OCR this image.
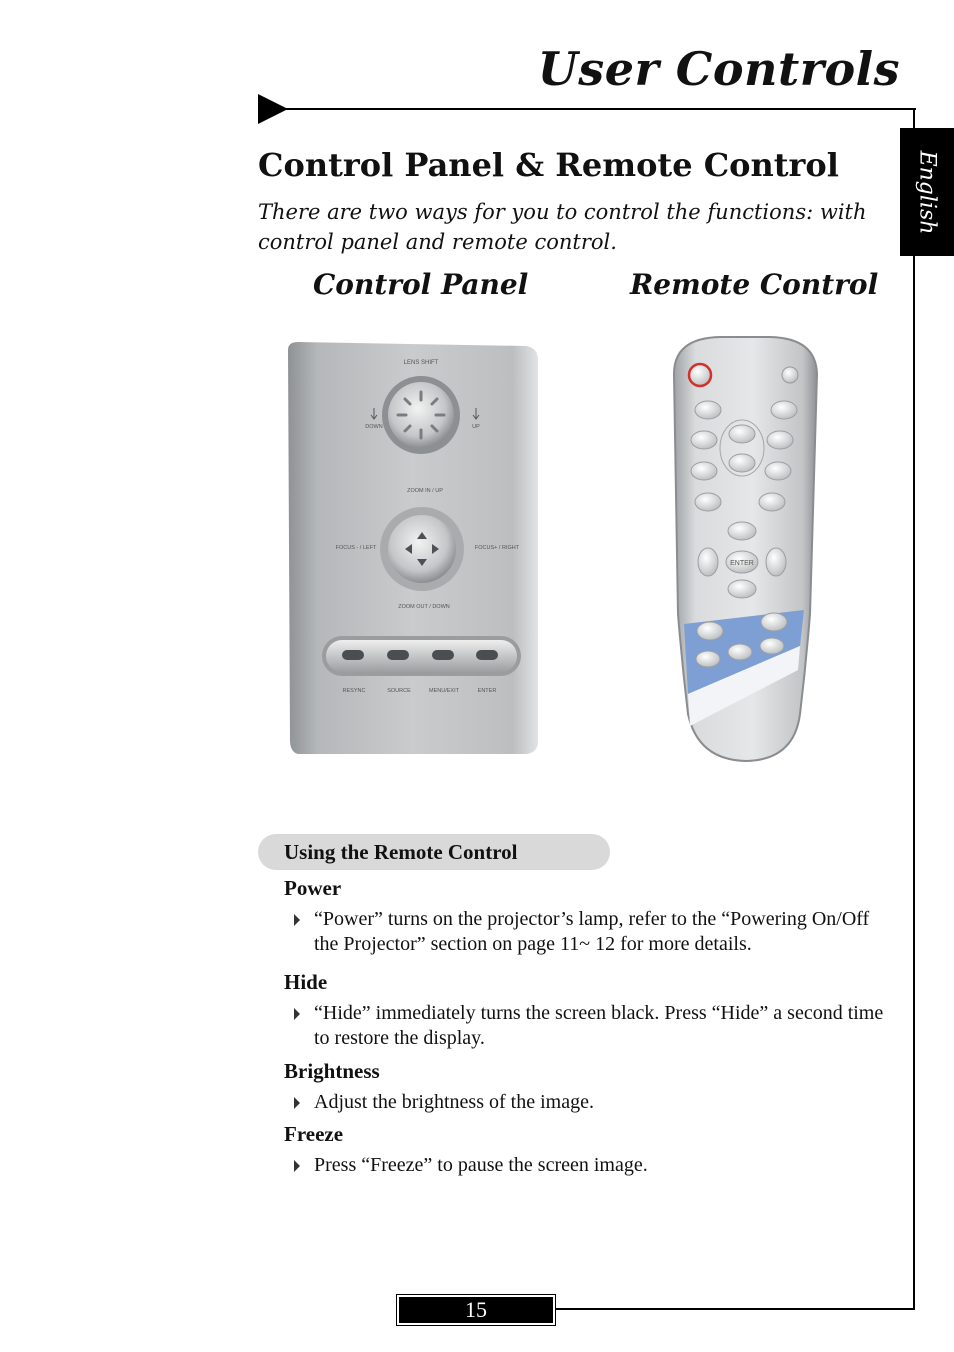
User Controls
English
Control Panel & Remote Control

There are two ways for you to control the functions: with control panel and remote control.

Control Panel	Remote Control
LENS SHIFT
DOWN	UP
ZOOM IN / UP
FOCUS - / LEFT	FOCUS+ / RIGHT
ZOOM OUT / DOWN
RESYNC	SOURCE	MENU/EXIT	ENTER
ENTER
Using the Remote Control

Power

“Power” turns on the projector’s lamp, refer to the “Powering On/Off the Projector” section on page 11~ 12 for more details.

Hide

“Hide” immediately turns the screen black. Press “Hide” a second time to restore the display.

Brightness

Adjust the brightness of the image.

Freeze

Press “Freeze” to pause the screen image.
15
